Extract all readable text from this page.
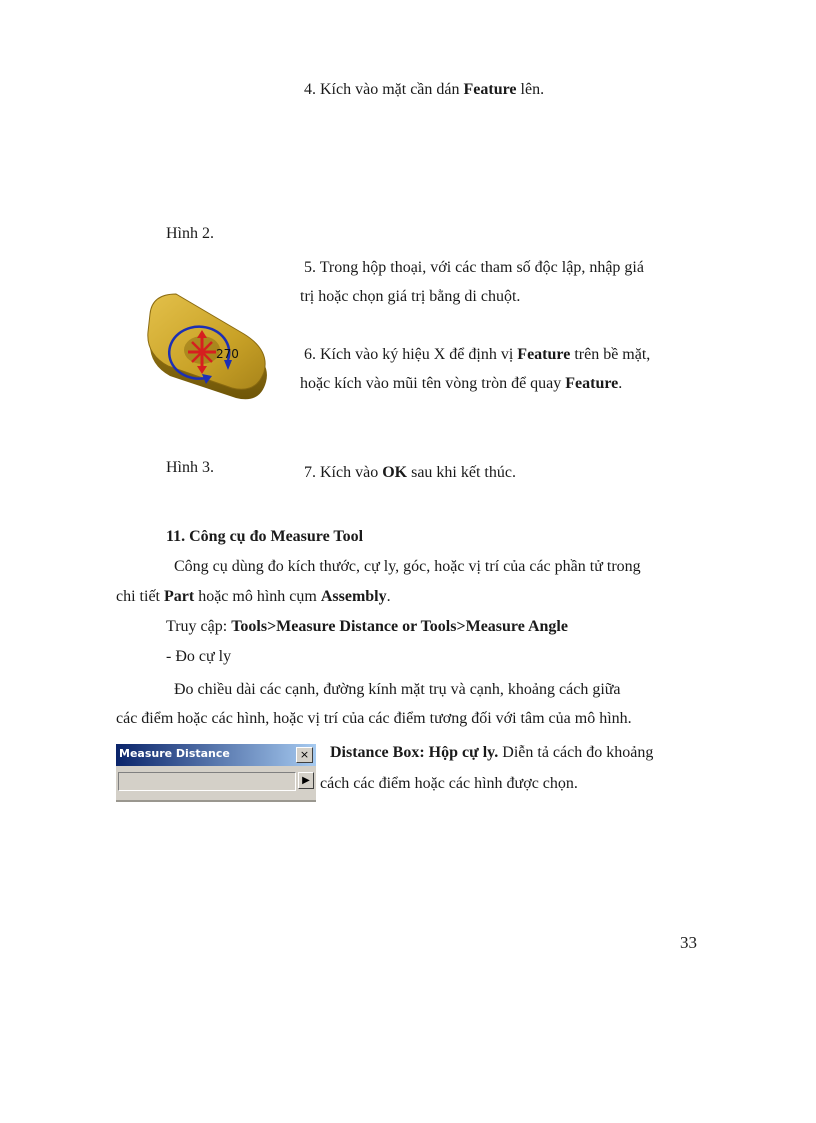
4. Kích vào mặt cần dán Feature lên.
Hình 2.
5. Trong hộp thoại, với các tham số độc lập, nhập giá
trị hoặc chọn giá trị bằng di chuột.
270	6. Kích vào ký hiệu X để định vị Feature trên bề mặt,
hoặc kích vào mũi tên vòng tròn để quay Feature.
Hình 3.	7. Kích vào OK sau khi kết thúc.
11. Công cụ đo Measure Tool
Công cụ dùng đo kích thước, cự ly, góc, hoặc vị trí của các phần tử trong
chi tiết Part hoặc mô hình cụm Assembly.
Truy cập: Tools>Measure Distance or Tools>Measure Angle
- Đo cự ly
Đo chiều dài các cạnh, đường kính mặt trụ và cạnh, khoảng cách giữa
các điểm hoặc các hình, hoặc vị trí của các điểm tương đối với tâm của mô hình.
Measure Distance	×
▶
Distance Box: Hộp cự ly. Diễn tả cách đo khoảng
cách các điểm hoặc các hình được chọn.
33
